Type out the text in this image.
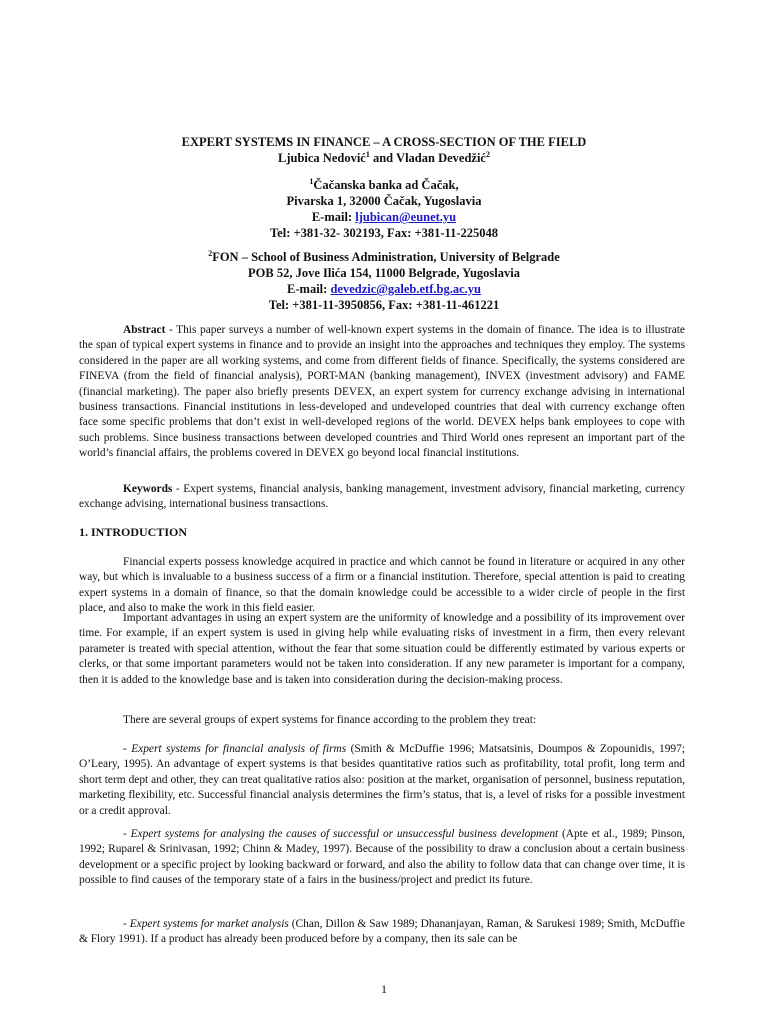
EXPERT SYSTEMS IN FINANCE – A CROSS-SECTION OF THE FIELD
Ljubica Nedović$^1$ and Vladan Devedžić$^2$
$^1$Čačanska banka ad Čačak,
Pivarska 1, 32000 Čačak, Yugoslavia
E-mail: ljubican@eunet.yu
Tel: +381-32- 302193, Fax: +381-11-225048
$^2$FON – School of Business Administration, University of Belgrade
POB 52, Jove Ilića 154, 11000 Belgrade, Yugoslavia
E-mail: devedzic@galeb.etf.bg.ac.yu
Tel: +381-11-3950856, Fax: +381-11-461221

Abstract - This paper surveys a number of well-known expert systems in the domain of finance. The idea is to illustrate the span of typical expert systems in finance and to provide an insight into the approaches and techniques they employ. The systems considered in the paper are all working systems, and come from different fields of finance. Specifically, the systems considered are FINEVA (from the field of financial analysis), PORT-MAN (banking management), INVEX (investment advisory) and FAME (financial marketing). The paper also briefly presents DEVEX, an expert system for currency exchange advising in international business transactions. Financial institutions in less-developed and undeveloped countries that deal with currency exchange often face some specific problems that don’t exist in well-developed regions of the world. DEVEX helps bank employees to cope with such problems. Since business transactions between developed countries and Third World ones represent an important part of the world’s financial affairs, the problems covered in DEVEX go beyond local financial institutions.

Keywords - Expert systems, financial analysis, banking management, investment advisory, financial marketing, currency exchange advising, international business transactions.

1. INTRODUCTION

Financial experts possess knowledge acquired in practice and which cannot be found in literature or acquired in any other way, but which is invaluable to a business success of a firm or a financial institution. Therefore, special attention is paid to creating expert systems in a domain of finance, so that the domain knowledge could be accessible to a wider circle of people in the first place, and also to make the work in this field easier.

Important advantages in using an expert system are the uniformity of knowledge and a possibility of its improvement over time. For example, if an expert system is used in giving help while evaluating risks of investment in a firm, then every relevant parameter is treated with special attention, without the fear that some situation could be differently estimated by various experts or clerks, or that some important parameters would not be taken into consideration. If any new parameter is important for a company, then it is added to the knowledge base and is taken into consideration during the decision-making process.

There are several groups of expert systems for finance according to the problem they treat:

- Expert systems for financial analysis of firms (Smith & McDuffie 1996; Matsatsinis, Doumpos & Zopounidis, 1997; O’Leary, 1995). An advantage of expert systems is that besides quantitative ratios such as profitability, total profit, long term and short term dept and other, they can treat qualitative ratios also: position at the market, organisation of personnel, business reputation, marketing flexibility, etc. Successful financial analysis determines the firm’s status, that is, a level of risks for a possible investment or a credit approval.

- Expert systems for analysing the causes of successful or unsuccessful business development (Apte et al., 1989; Pinson, 1992; Ruparel & Srinivasan, 1992; Chinn & Madey, 1997). Because of the possibility to draw a conclusion about a certain business development or a specific project by looking backward or forward, and also the ability to follow data that can change over time, it is possible to find causes of the temporary state of a fairs in the business/project and predict its future.

- Expert systems for market analysis (Chan, Dillon & Saw 1989; Dhananjayan, Raman, & Sarukesi 1989; Smith, McDuffie & Flory 1991). If a product has already been produced before by a company, then its sale can be

1
